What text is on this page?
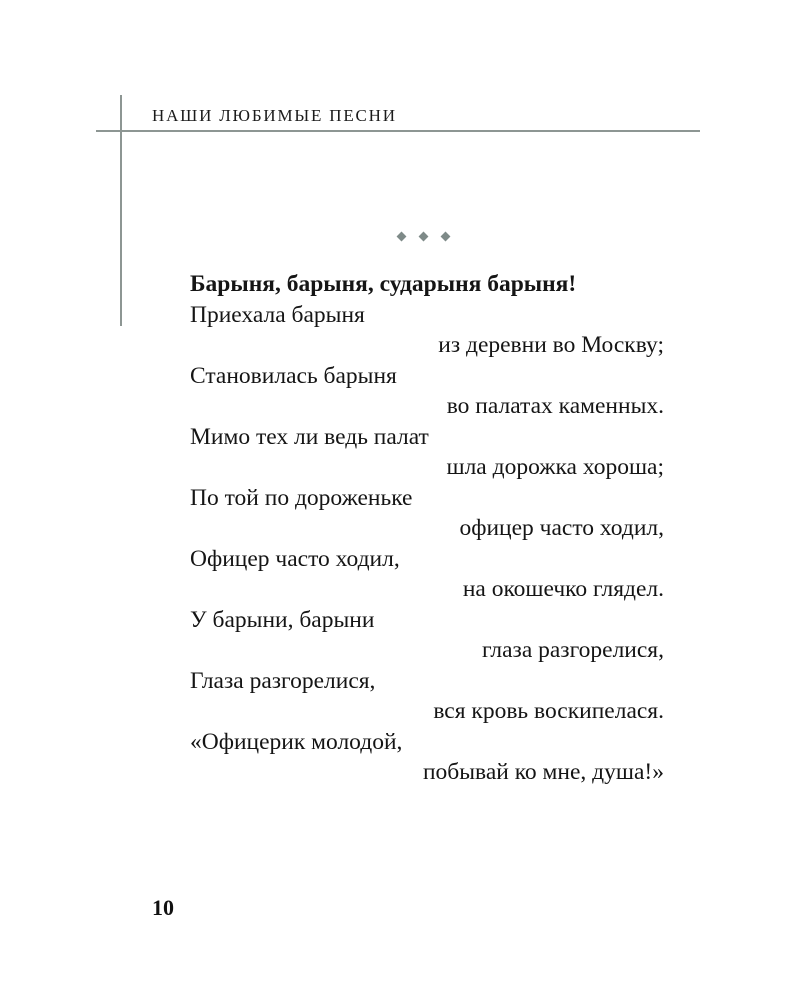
НАШИ ЛЮБИМЫЕ ПЕСНИ
Барыня, барыня, сударыня барыня!
Приехала барыня
из деревни во Москву;
Становилась барыня
во палатах каменных.
Мимо тех ли ведь палат
шла дорожка хороша;
По той по дороженьке
офицер часто ходил,
Офицер часто ходил,
на окошечко глядел.
У барыни, барыни
глаза разгорелися,
Глаза разгорелися,
вся кровь воскипелася.
«Офицерик молодой,
побывай ко мне, душа!»
10
